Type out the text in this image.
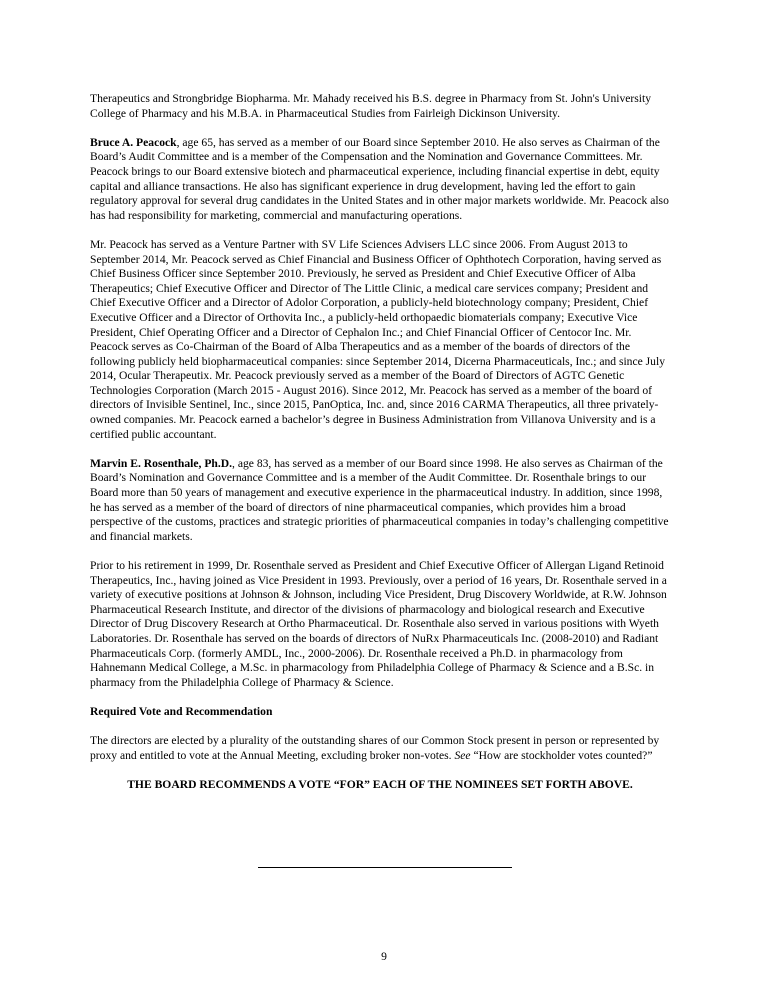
Therapeutics and Strongbridge Biopharma. Mr. Mahady received his B.S. degree in Pharmacy from St. John's University College of Pharmacy and his M.B.A. in Pharmaceutical Studies from Fairleigh Dickinson University.

Bruce A. Peacock, age 65, has served as a member of our Board since September 2010. He also serves as Chairman of the Board’s Audit Committee and is a member of the Compensation and the Nomination and Governance Committees. Mr. Peacock brings to our Board extensive biotech and pharmaceutical experience, including financial expertise in debt, equity capital and alliance transactions. He also has significant experience in drug development, having led the effort to gain regulatory approval for several drug candidates in the United States and in other major markets worldwide. Mr. Peacock also has had responsibility for marketing, commercial and manufacturing operations.

Mr. Peacock has served as a Venture Partner with SV Life Sciences Advisers LLC since 2006. From August 2013 to September 2014, Mr. Peacock served as Chief Financial and Business Officer of Ophthotech Corporation, having served as Chief Business Officer since September 2010. Previously, he served as President and Chief Executive Officer of Alba Therapeutics; Chief Executive Officer and Director of The Little Clinic, a medical care services company; President and Chief Executive Officer and a Director of Adolor Corporation, a publicly-held biotechnology company; President, Chief Executive Officer and a Director of Orthovita Inc., a publicly-held orthopaedic biomaterials company; Executive Vice President, Chief Operating Officer and a Director of Cephalon Inc.; and Chief Financial Officer of Centocor Inc. Mr. Peacock serves as Co-Chairman of the Board of Alba Therapeutics and as a member of the boards of directors of the following publicly held biopharmaceutical companies: since September 2014, Dicerna Pharmaceuticals, Inc.; and since July 2014, Ocular Therapeutix. Mr. Peacock previously served as a member of the Board of Directors of AGTC Genetic Technologies Corporation (March 2015 - August 2016). Since 2012, Mr. Peacock has served as a member of the board of directors of Invisible Sentinel, Inc., since 2015, PanOptica, Inc. and, since 2016 CARMA Therapeutics, all three privately-owned companies. Mr. Peacock earned a bachelor’s degree in Business Administration from Villanova University and is a certified public accountant.

Marvin E. Rosenthale, Ph.D., age 83, has served as a member of our Board since 1998. He also serves as Chairman of the Board’s Nomination and Governance Committee and is a member of the Audit Committee. Dr. Rosenthale brings to our Board more than 50 years of management and executive experience in the pharmaceutical industry. In addition, since 1998, he has served as a member of the board of directors of nine pharmaceutical companies, which provides him a broad perspective of the customs, practices and strategic priorities of pharmaceutical companies in today’s challenging competitive and financial markets.

Prior to his retirement in 1999, Dr. Rosenthale served as President and Chief Executive Officer of Allergan Ligand Retinoid Therapeutics, Inc., having joined as Vice President in 1993. Previously, over a period of 16 years, Dr. Rosenthale served in a variety of executive positions at Johnson & Johnson, including Vice President, Drug Discovery Worldwide, at R.W. Johnson Pharmaceutical Research Institute, and director of the divisions of pharmacology and biological research and Executive Director of Drug Discovery Research at Ortho Pharmaceutical. Dr. Rosenthale also served in various positions with Wyeth Laboratories. Dr. Rosenthale has served on the boards of directors of NuRx Pharmaceuticals Inc. (2008-2010) and Radiant Pharmaceuticals Corp. (formerly AMDL, Inc., 2000-2006). Dr. Rosenthale received a Ph.D. in pharmacology from Hahnemann Medical College, a M.Sc. in pharmacology from Philadelphia College of Pharmacy & Science and a B.Sc. in pharmacy from the Philadelphia College of Pharmacy & Science.

Required Vote and Recommendation

The directors are elected by a plurality of the outstanding shares of our Common Stock present in person or represented by proxy and entitled to vote at the Annual Meeting, excluding broker non-votes. See “How are stockholder votes counted?”

THE BOARD RECOMMENDS A VOTE “FOR” EACH OF THE NOMINEES SET FORTH ABOVE.

9
